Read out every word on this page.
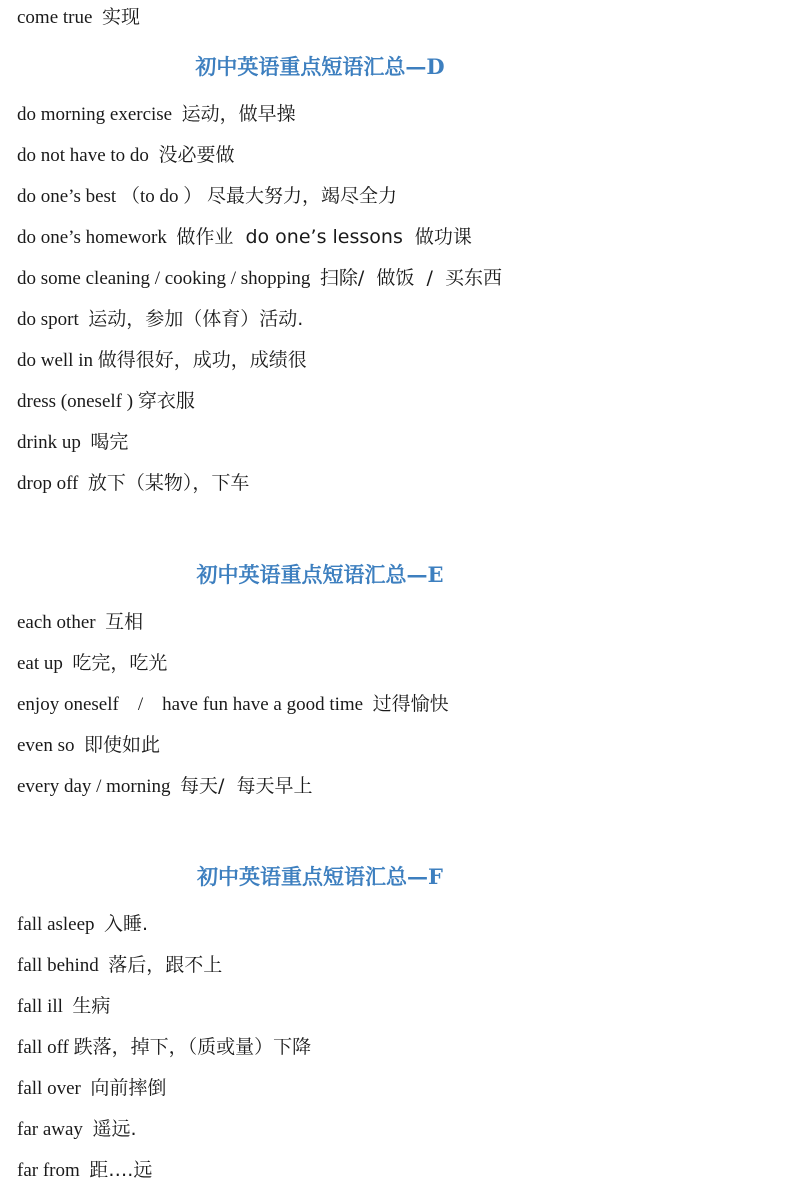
come true 实现
初中英语重点短语汇总—D
do morning exercise 运动，做早操
do not have to do 没必要做
do one’s best （to do ） 尽最大努力，竭尽全力
do one’s homework 做作业  do one’s lessons  做功课
do some cleaning / cooking / shopping 扫除/  做饭  /  买东西
do sport 运动，参加（体育）活动.
do well in 做得很好，成功，成绩很
dress (oneself ) 穿衣服
drink up 喝完
drop off 放下（某物），下车
初中英语重点短语汇总—E
each other 互相
eat up 吃完，吃光
enjoy oneself    /    have fun have a good time 过得愉快
even so 即使如此
every day / morning 每天/  每天早上
初中英语重点短语汇总—F
fall asleep 入睡.
fall behind 落后，跟不上
fall ill 生病
fall off 跌落，掉下，（质或量）下降
fall over 向前摔倒
far away 遥远.
far from 距….远
